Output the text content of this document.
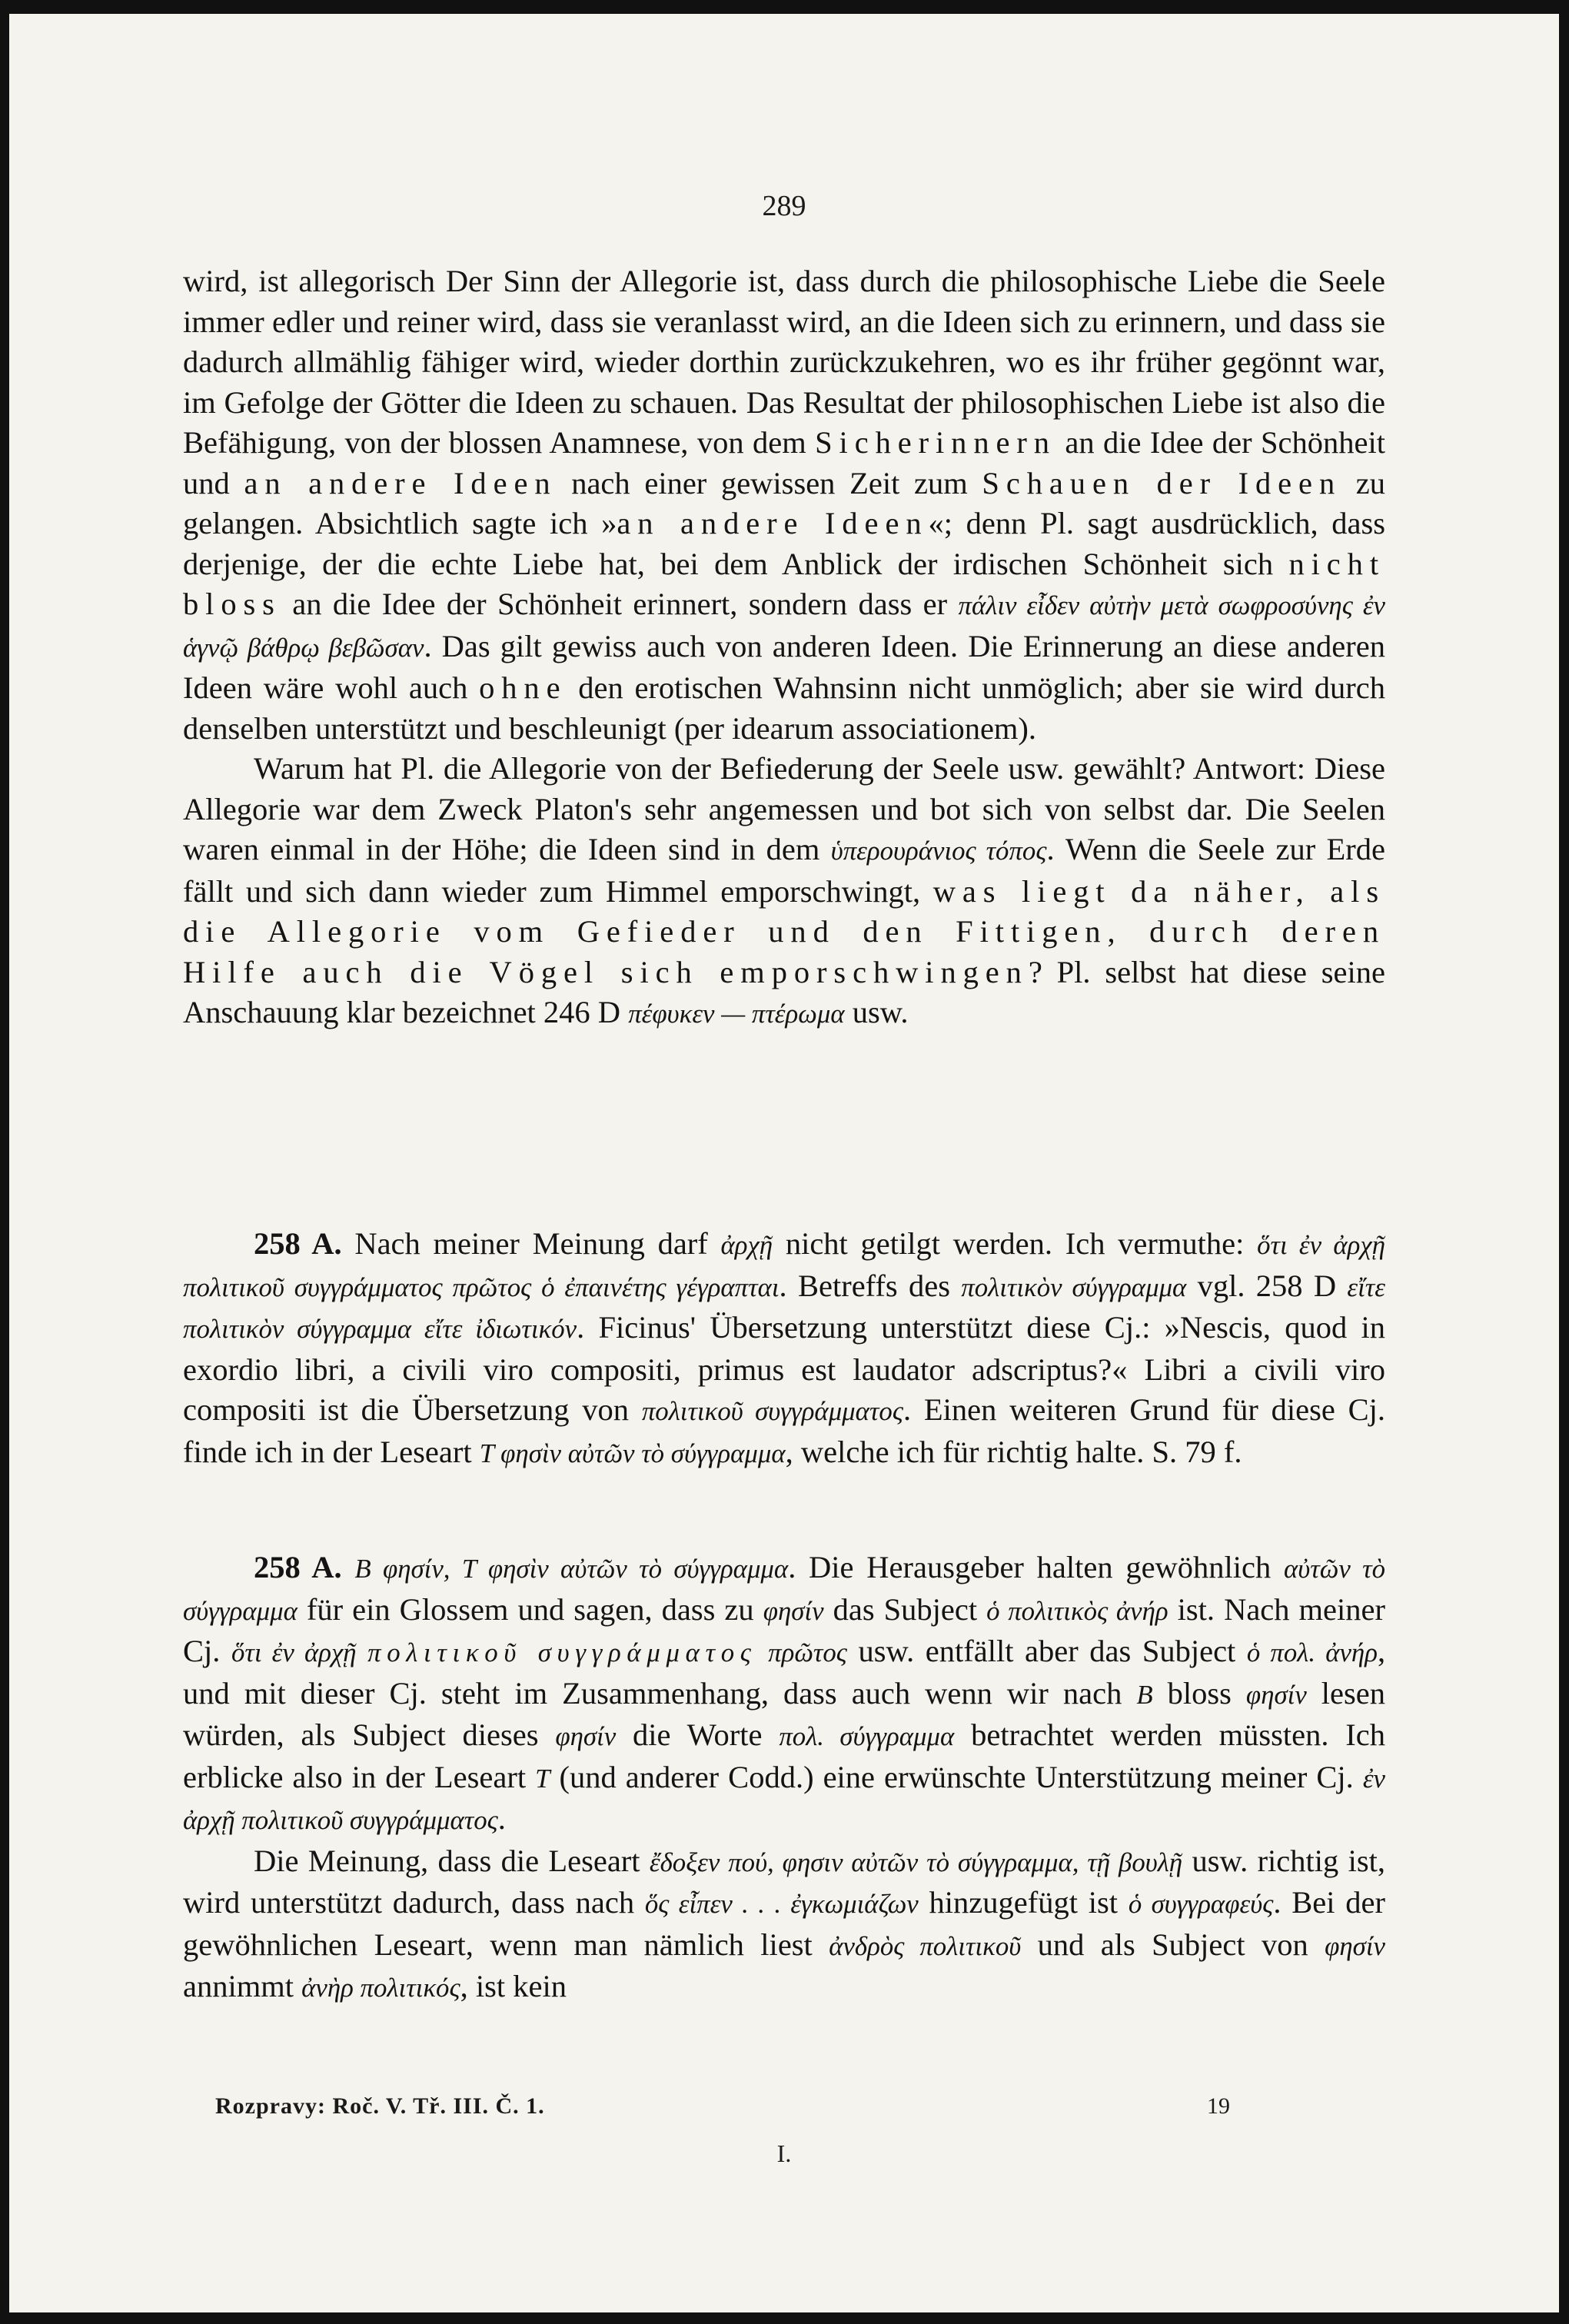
289

wird, ist allegorisch Der Sinn der Allegorie ist, dass durch die philosophische Liebe die Seele immer edler und reiner wird, dass sie veranlasst wird, an die Ideen sich zu erinnern, und dass sie dadurch allmählig fähiger wird, wieder dorthin zurückzukehren, wo es ihr früher gegönnt war, im Gefolge der Götter die Ideen zu schauen. Das Resultat der philosophischen Liebe ist also die Befähigung, von der blossen Anamnese, von dem Sicherinnern an die Idee der Schönheit und an andere Ideen nach einer gewissen Zeit zum Schauen der Ideen zu gelangen. Absichtlich sagte ich »an andere Ideen«; denn Pl. sagt ausdrücklich, dass derjenige, der die echte Liebe hat, bei dem Anblick der irdischen Schönheit sich nicht bloss an die Idee der Schönheit erinnert, sondern dass er πάλιν εἶδεν αὐτὴν μετὰ σωφροσύνης ἐν ἁγνῷ βάθρῳ βεβῶσαν. Das gilt gewiss auch von anderen Ideen. Die Erinnerung an diese anderen Ideen wäre wohl auch ohne den erotischen Wahnsinn nicht unmöglich; aber sie wird durch denselben unterstützt und beschleunigt (per idearum associationem).

Warum hat Pl. die Allegorie von der Befiederung der Seele usw. gewählt? Antwort: Diese Allegorie war dem Zweck Platon's sehr angemessen und bot sich von selbst dar. Die Seelen waren einmal in der Höhe; die Ideen sind in dem ὑπερουράνιος τόπος. Wenn die Seele zur Erde fällt und sich dann wieder zum Himmel emporschwingt, was liegt da näher, als die Allegorie vom Gefieder und den Fittigen, durch deren Hilfe auch die Vögel sich emporschwingen? Pl. selbst hat diese seine Anschauung klar bezeichnet 246 D πέφυκεν — πτέρωμα usw.

258 A. Nach meiner Meinung darf ἀρχῇ nicht getilgt werden. Ich vermuthe: ὅτι ἐν ἀρχῇ πολιτικοῦ συγγράμματος πρῶτος ὁ ἐπαινέτης γέγραπται. Betreffs des πολιτικὸν σύγγραμμα vgl. 258 D εἴτε πολιτικὸν σύγγραμμα εἴτε ἰδιωτικόν. Ficinus' Übersetzung unterstützt diese Cj.: »Nescis, quod in exordio libri, a civili viro compositi, primus est laudator adscriptus?« Libri a civili viro compositi ist die Übersetzung von πολιτικοῦ συγγράμματος. Einen weiteren Grund für diese Cj. finde ich in der Leseart T φησὶν αὐτῶν τὸ σύγγραμμα, welche ich für richtig halte. S. 79 f.

258 A. B φησίν, T φησὶν αὐτῶν τὸ σύγγραμμα. Die Herausgeber halten gewöhnlich αὐτῶν τὸ σύγγραμμα für ein Glossem und sagen, dass zu φησίν das Subject ὁ πολιτικὸς ἀνήρ ist. Nach meiner Cj. ὅτι ἐν ἀρχῇ πολιτικοῦ συγγράμματος πρῶτος usw. entfällt aber das Subject ὁ πολ. ἀνήρ, und mit dieser Cj. steht im Zusammenhang, dass auch wenn wir nach B bloss φησίν lesen würden, als Subject dieses φησίν die Worte πολ. σύγγραμμα betrachtet werden müssten. Ich erblicke also in der Leseart T (und anderer Codd.) eine erwünschte Unterstützung meiner Cj. ἐν ἀρχῇ πολιτικοῦ συγγράμματος.

Die Meinung, dass die Leseart ἔδοξεν πού, φησιν αὐτῶν τὸ σύγγραμμα, τῇ βουλῇ usw. richtig ist, wird unterstützt dadurch, dass nach ὅς εἶπεν . . . ἐγκωμιάζων hinzugefügt ist ὁ συγγραφεύς. Bei der gewöhnlichen Leseart, wenn man nämlich liest ἀνδρὸς πολιτικοῦ und als Subject von φησίν annimmt ἀνὴρ πολιτικός, ist kein

Rozpravy: Roč. V. Tř. III. Č. 1.	19
I.
